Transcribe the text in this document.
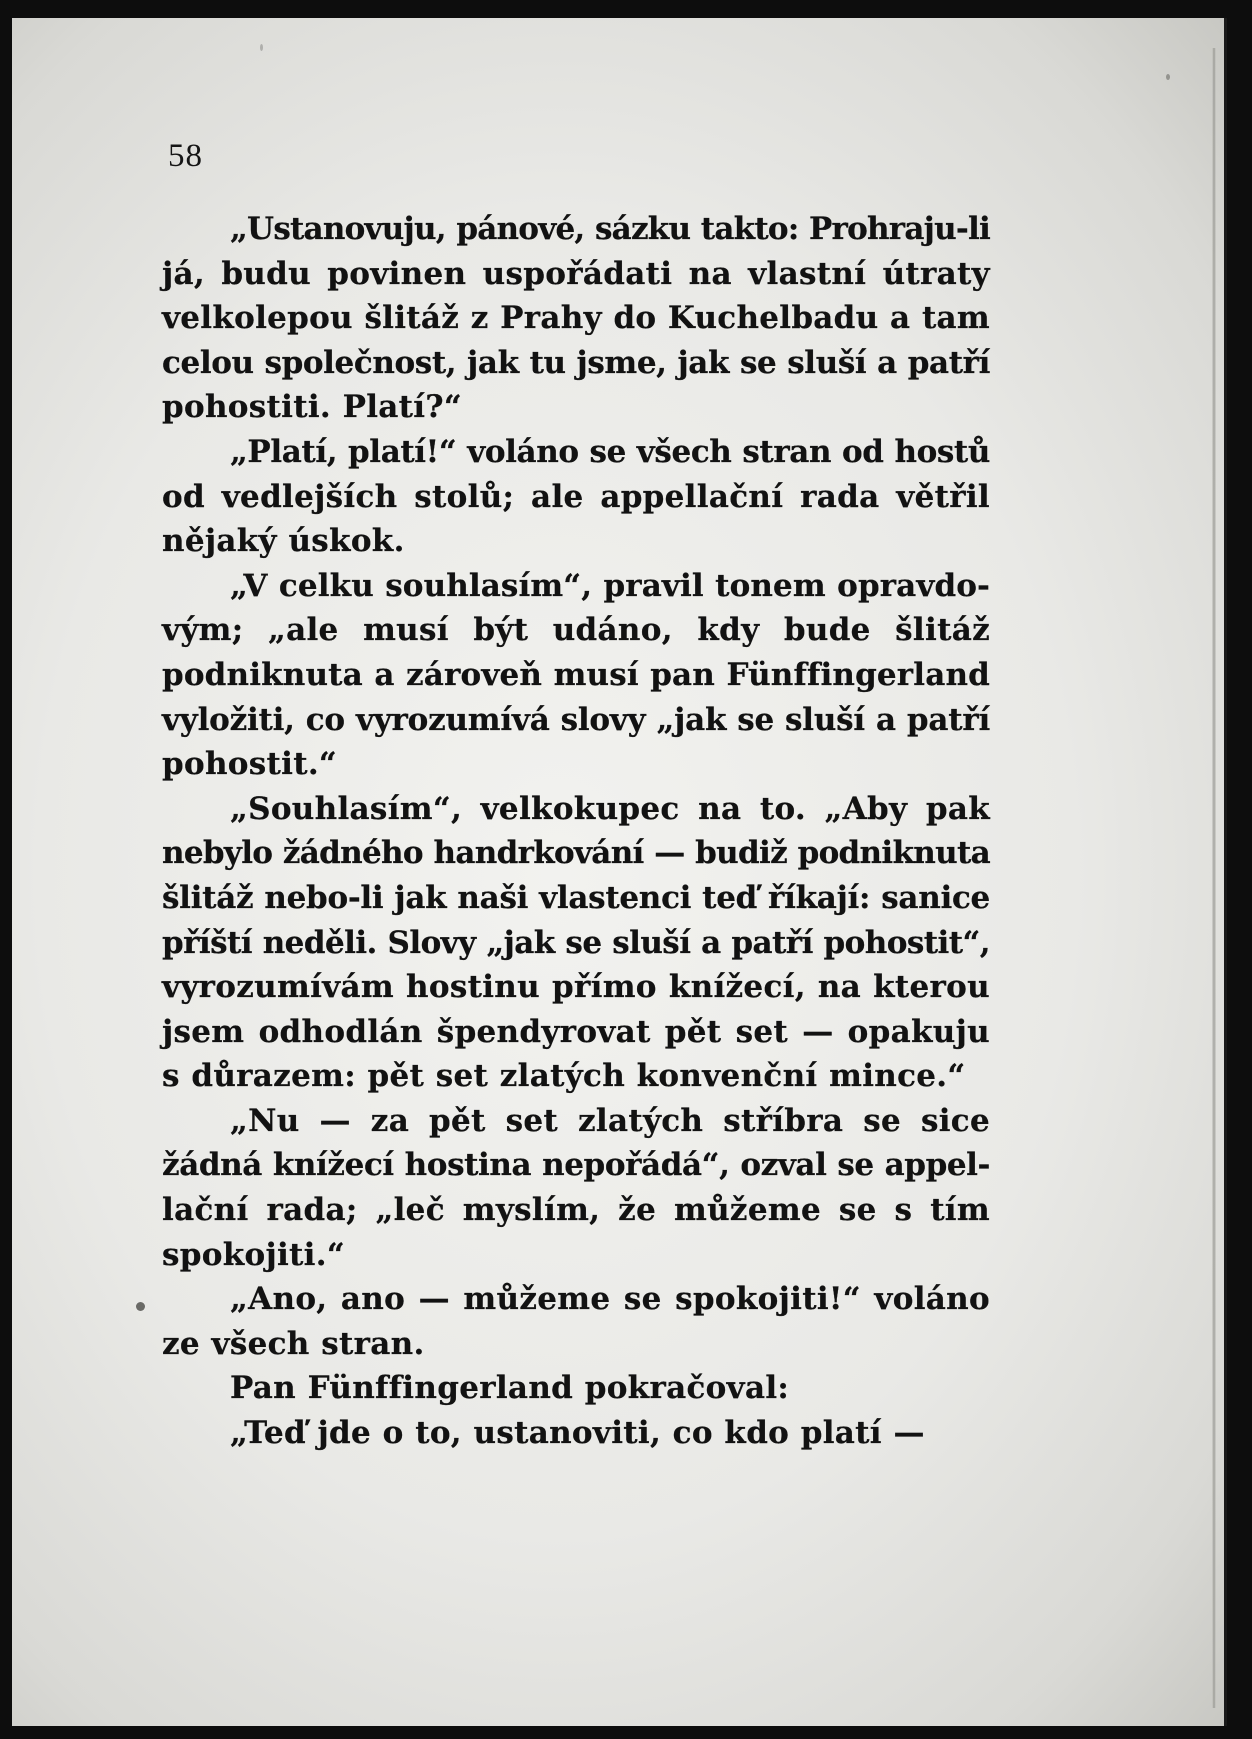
58

„Ustanovuju, pánové, sázku takto: Prohraju-li
já, budu povinen uspořádati na vlastní útraty
velkolepou šlitáž z Prahy do Kuchelbadu a tam
celou společnost, jak tu jsme, jak se sluší a patří
pohostiti. Platí?“

„Platí, platí!“ voláno se všech stran od hostů
od vedlejších stolů; ale appellační rada větřil
nějaký úskok.

„V celku souhlasím“, pravil tonem opravdo-
vým; „ale musí být udáno, kdy bude šlitáž
podniknuta a zároveň musí pan Fünffingerland
vyložiti, co vyrozumívá slovy „jak se sluší a patří
pohostit.“

„Souhlasím“, velkokupec na to. „Aby pak
nebylo žádného handrkování — budiž podniknuta
šlitáž nebo-li jak naši vlastenci teď říkají: sanice
příští neděli. Slovy „jak se sluší a patří pohostit“,
vyrozumívám hostinu přímo knížecí, na kterou
jsem odhodlán špendyrovat pět set — opakuju
s důrazem: pět set zlatých konvenční mince.“

„Nu — za pět set zlatých stříbra se sice
žádná knížecí hostina nepořádá“, ozval se appel-
lační rada; „leč myslím, že můžeme se s tím
spokojiti.“

„Ano, ano — můžeme se spokojiti!“ voláno
ze všech stran.

Pan Fünffingerland pokračoval:

„Teď jde o to, ustanoviti, co kdo platí —
